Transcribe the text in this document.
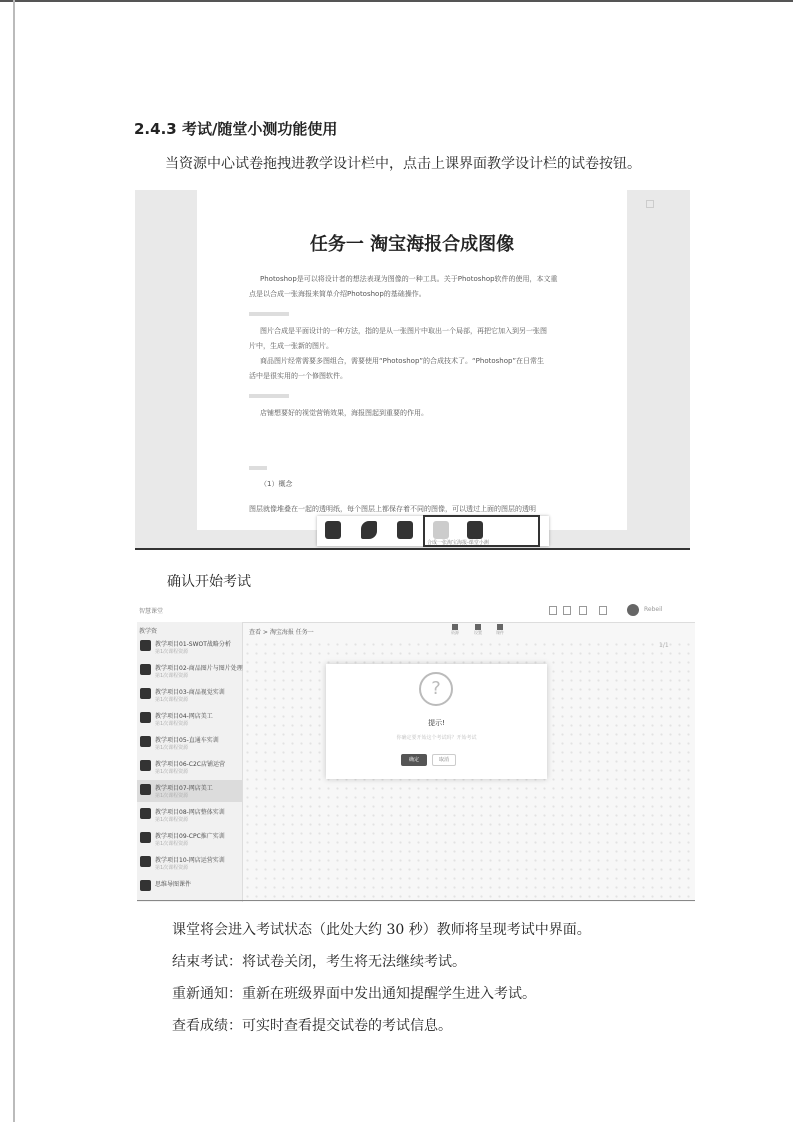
2.4.3 考试/随堂小测功能使用
当资源中心试卷拖拽进教学设计栏中，点击上课界面教学设计栏的试卷按钮。
任务一 淘宝海报合成图像
Photoshop是可以将设计者的想法表现为图像的一种工具。关于Photoshop软件的使用，本文重
点是以合成一张海报来简单介绍Photoshop的基础操作。
图片合成是平面设计的一种方法，指的是从一张图片中取出一个局部，再把它加入到另一张图
片中，生成一张新的图片。
商品图片经常需要多图组合，需要使用“Photoshop”的合成技术了。“Photoshop”在日常生
活中是很实用的一个修图软件。
店铺想要好的视觉营销效果，海报图起到重要的作用。
（1）概念
图层就像堆叠在一起的透明纸，每个图层上都保存着不同的图像，可以透过上面的图层的透明
合成一张淘宝海报-课堂小测
确认开始考试
智慧课堂	Rebeil
教学资
教学项目01-SWOT战略分析
第1次课程资源
教学项目02-商品图片与图片处理
第1次课程资源
教学项目03-商品视觉实训
第1次课程资源
教学项目04-网店美工
第1次课程资源
教学项目05-直通车实训
第1次课程资源
教学项目06-C2C店铺运营
第1次课程资源
教学项目07-网店美工
第1次课程资源
教学项目08-网店整体实训
第1次课程资源
教学项目09-CPC推广实训
第1次课程资源
教学项目10-网店运营实训
第1次课程资源
思维导图课件
查看 > 淘宝海报 任务一	资源	设置	课件
1/1
?
提示!
你确定要开始这个考试吗？开始考试
确定	取消
课堂将会进入考试状态（此处大约 30 秒）教师将呈现考试中界面。
结束考试：将试卷关闭，考生将无法继续考试。
重新通知：重新在班级界面中发出通知提醒学生进入考试。
查看成绩：可实时查看提交试卷的考试信息。
